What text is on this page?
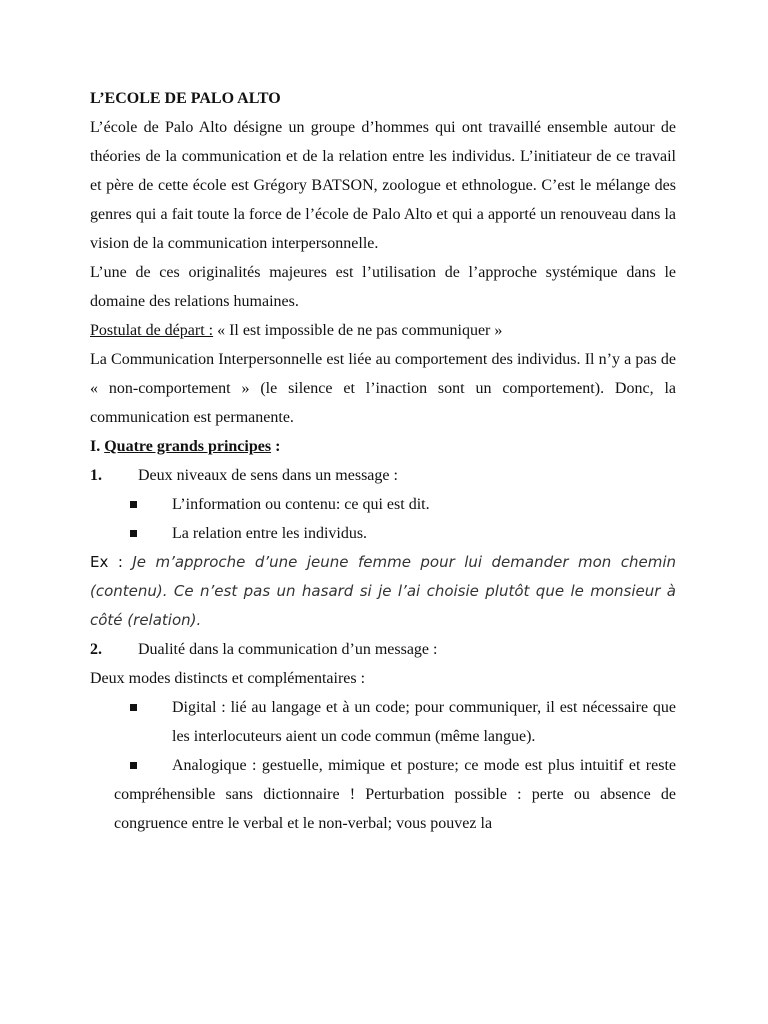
L’ECOLE DE PALO ALTO

L’école de Palo Alto désigne un groupe d’hommes qui ont travaillé ensemble autour de théories de la communication et de la relation entre les individus. L’initiateur de ce travail et père de cette école est Grégory BATSON, zoologue et ethnologue. C’est le mélange des genres qui a fait toute la force de l’école de Palo Alto et qui a apporté un renouveau dans la vision de la communication interpersonnelle.

L’une de ces originalités majeures est l’utilisation de l’approche systémique dans le domaine des relations humaines.

Postulat de départ : « Il est impossible de ne pas communiquer »

La Communication Interpersonnelle est liée au comportement des individus. Il n’y a pas de « non-comportement » (le silence et l’inaction sont un comportement). Donc, la communication est permanente.

I. Quatre grands principes :

1. Deux niveaux de sens dans un message :

L’information ou contenu: ce qui est dit.

La relation entre les individus.

Ex : Je m’approche d’une jeune femme pour lui demander mon chemin (contenu). Ce n’est pas un hasard si je l’ai choisie plutôt que le monsieur à côté (relation).

2. Dualité dans la communication d’un message :

Deux modes distincts et complémentaires :

Digital : lié au langage et à un code; pour communiquer, il est nécessaire que les interlocuteurs aient un code commun (même langue).

Analogique : gestuelle, mimique et posture; ce mode est plus intuitif et reste compréhensible sans dictionnaire ! Perturbation possible : perte ou absence de congruence entre le verbal et le non-verbal; vous pouvez la
